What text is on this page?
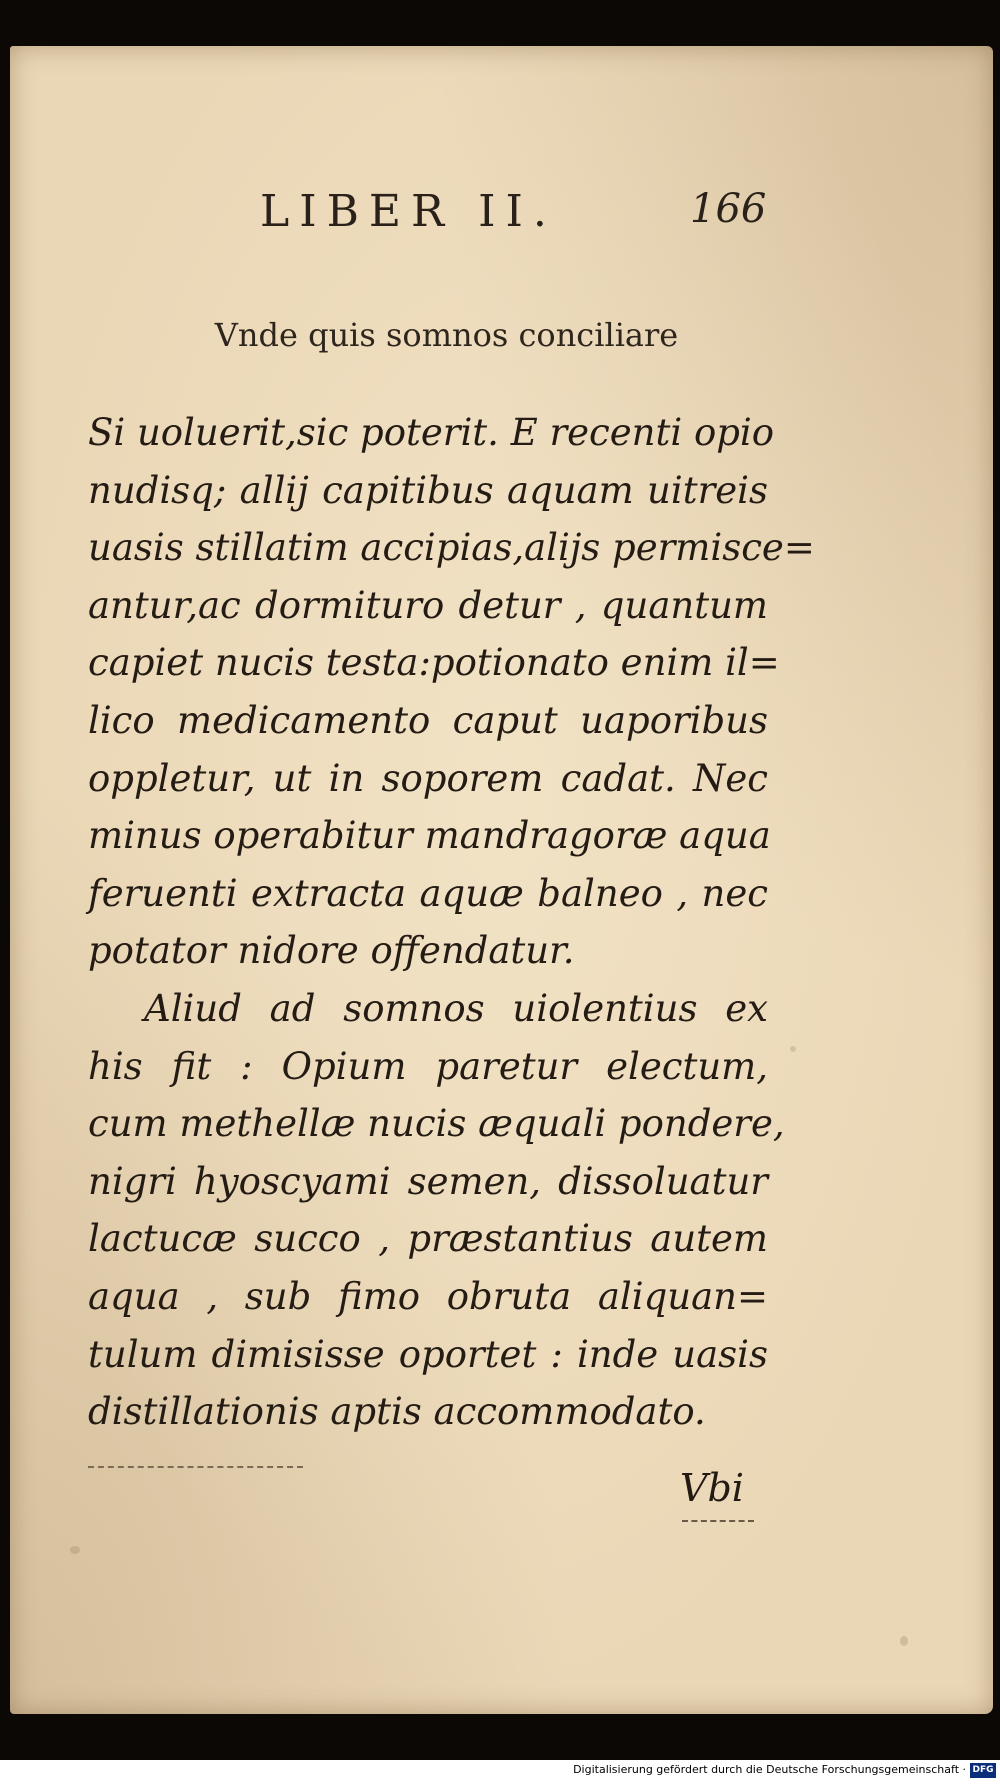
LIBER II.	166
Vnde quis somnos conciliare
Si uoluerit,sic poterit. E recenti opio
nudisq; allij capitibus aquam uitreis
uasis stillatim accipias,alijs permisce=
antur,ac dormituro detur , quantum
capiet nucis testa:potionato enim il=
lico medicamento caput uaporibus
oppletur, ut in soporem cadat. Nec
minus operabitur mandragoræ aqua
feruenti extracta aquæ balneo , nec
potator nidore offendatur.
Aliud ad somnos uiolentius ex
his fit : Opium paretur electum,
cum methellæ nucis æquali pondere,
nigri hyoscyami semen, dissoluatur
lactucæ succo , præstantius autem
aqua , sub fimo obruta aliquan=
tulum dimisisse oportet : inde uasis
distillationis aptis accommodato.
Vbi
Digitalisierung gefördert durch die Deutsche Forschungsgemeinschaft · DFG
